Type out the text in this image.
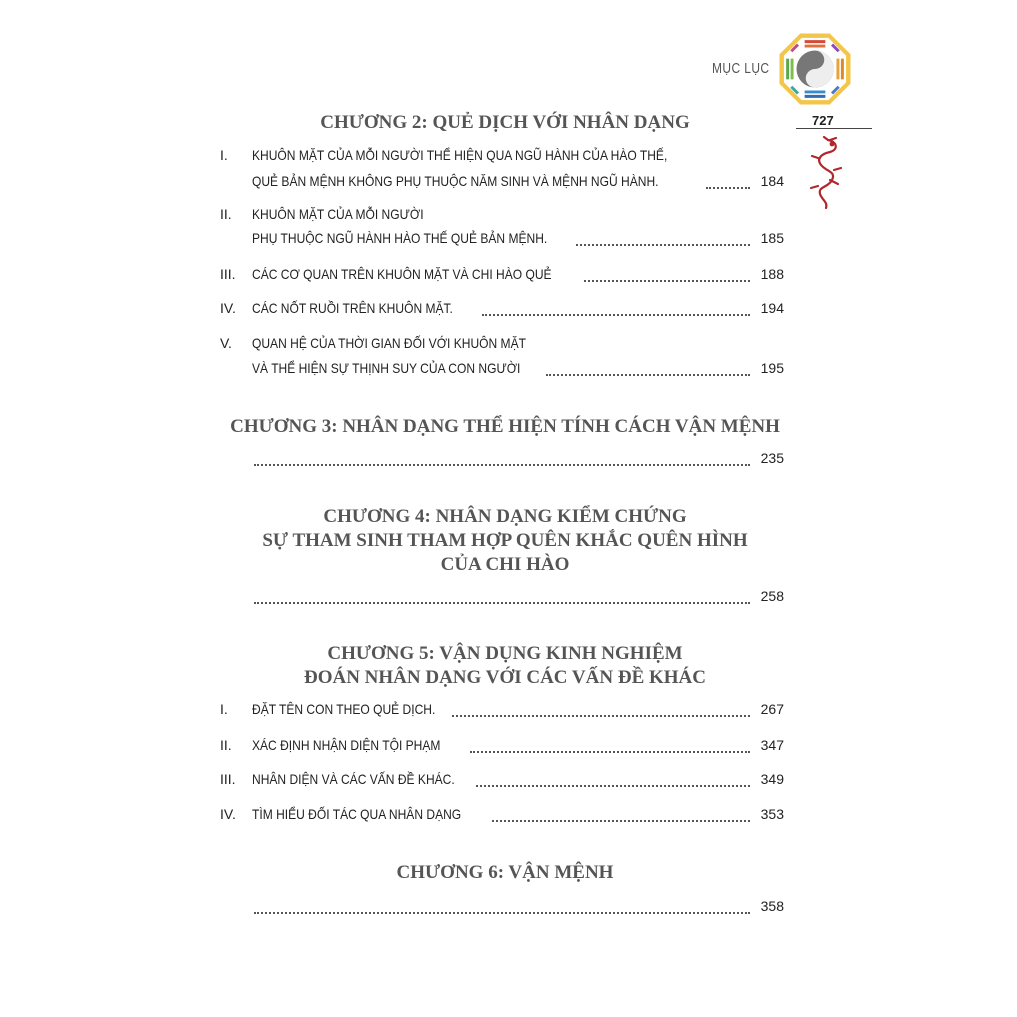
MỤC LỤC
727
CHƯƠNG 2: QUẺ DỊCH VỚI NHÂN DẠNG
I. KHUÔN MẶT CỦA MỖI NGƯỜI THỂ HIỆN QUA NGŨ HÀNH CỦA HÀO THẾ,
QUẺ BẢN MỆNH KHÔNG PHỤ THUỘC NĂM SINH VÀ MỆNH NGŨ HÀNH.	184
II. KHUÔN MẶT CỦA MỖI NGƯỜI
PHỤ THUỘC NGŨ HÀNH HÀO THẾ QUẺ BẢN MỆNH.	185
III. CÁC CƠ QUAN TRÊN KHUÔN MẶT VÀ CHI HÀO QUẺ	188
IV. CÁC NỐT RUỒI TRÊN KHUÔN MẶT.	194
V. QUAN HỆ CỦA THỜI GIAN ĐỐI VỚI KHUÔN MẶT
VÀ THỂ HIỆN SỰ THỊNH SUY CỦA CON NGƯỜI	195
CHƯƠNG 3: NHÂN DẠNG THỂ HIỆN TÍNH CÁCH VẬN MỆNH
235
CHƯƠNG 4: NHÂN DẠNG KIỂM CHỨNG
SỰ THAM SINH THAM HỢP QUÊN KHẮC QUÊN HÌNH
CỦA CHI HÀO
258
CHƯƠNG 5: VẬN DỤNG KINH NGHIỆM
ĐOÁN NHÂN DẠNG VỚI CÁC VẤN ĐỀ KHÁC
I. ĐẶT TÊN CON THEO QUẺ DỊCH.	267
II. XÁC ĐỊNH NHẬN DIỆN TỘI PHẠM	347
III. NHÂN DIỆN VÀ CÁC VẤN ĐỀ KHÁC.	349
IV. TÌM HIỂU ĐỐI TÁC QUA NHÂN DẠNG	353
CHƯƠNG 6: VẬN MỆNH
358
